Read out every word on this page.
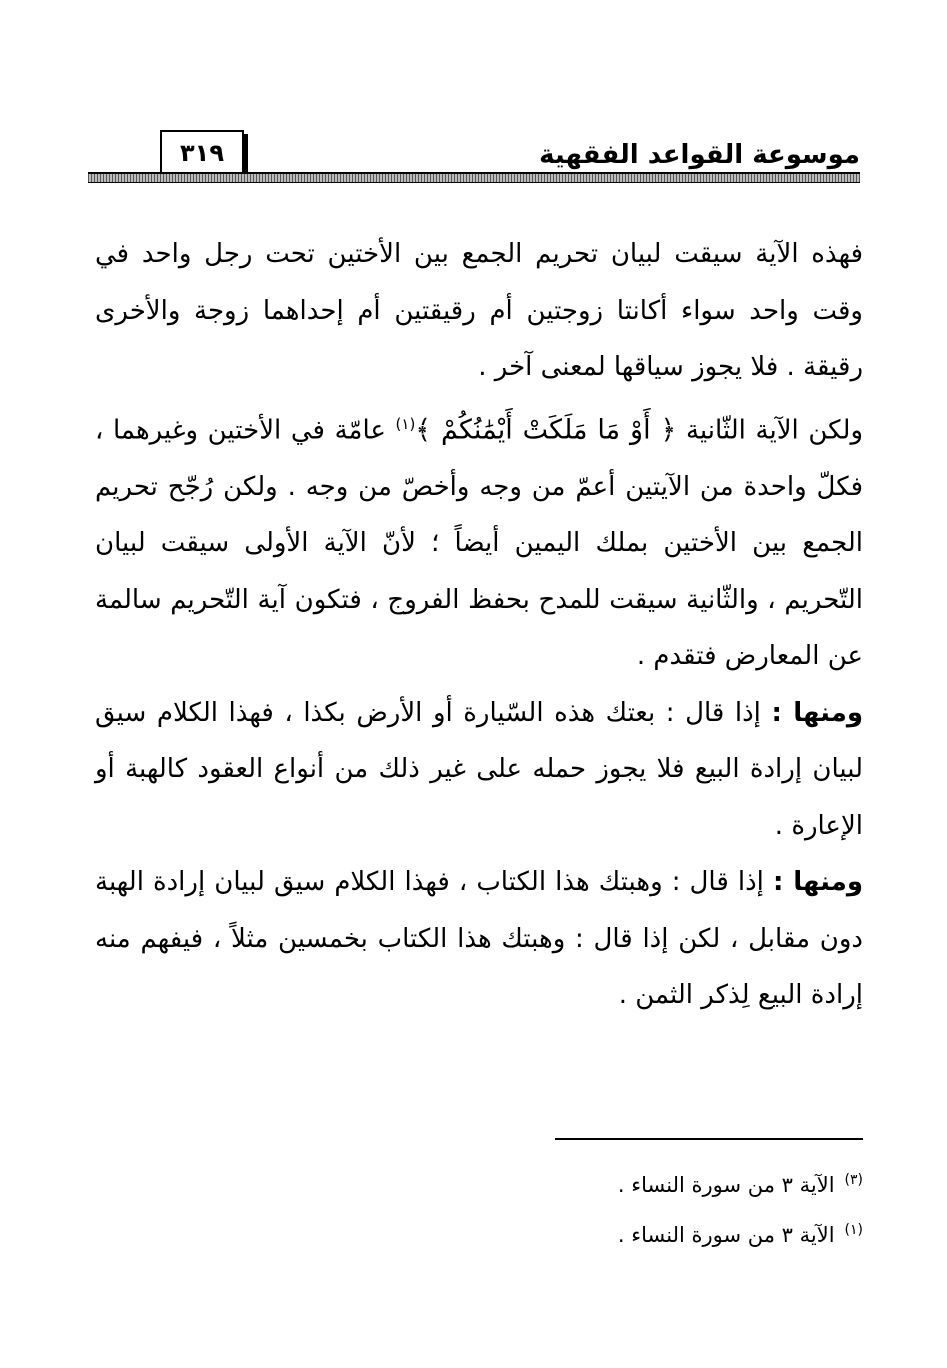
٣١٩	موسوعة القواعد الفقهية

فهذه الآية سيقت لبيان تحريم الجمع بين الأختين تحت رجل واحد في وقت واحد سواء أكانتا زوجتين أم رقيقتين أم إحداهما زوجة والأخرى رقيقة . فلا يجوز سياقها لمعنى آخر .

ولكن الآية الثّانية ﴿ أَوْ مَا مَلَكَتْ أَيْمَٰنُكُمْ ﴾$^{(١)}$ عامّة في الأختين وغيرهما ، فكلّ واحدة من الآيتين أعمّ من وجه وأخصّ من وجه . ولكن رُجّح تحريم الجمع بين الأختين بملك اليمين أيضاً ؛ لأنّ الآية الأولى سيقت لبيان التّحريم ، والثّانية سيقت للمدح بحفظ الفروج ، فتكون آية التّحريم سالمة عن المعارض فتقدم .

ومنها : إذا قال : بعتك هذه السّيارة أو الأرض بكذا ، فهذا الكلام سيق لبيان إرادة البيع فلا يجوز حمله على غير ذلك من أنواع العقود كالهبة أو الإعارة .

ومنها : إذا قال : وهبتك هذا الكتاب ، فهذا الكلام سيق لبيان إرادة الهبة دون مقابل ، لكن إذا قال : وهبتك هذا الكتاب بخمسين مثلاً ، فيفهم منه إرادة البيع لِذكر الثمن .

$^{(٣)}$الآية ٣ من سورة النساء .

$^{(١)}$الآية ٣ من سورة النساء .
